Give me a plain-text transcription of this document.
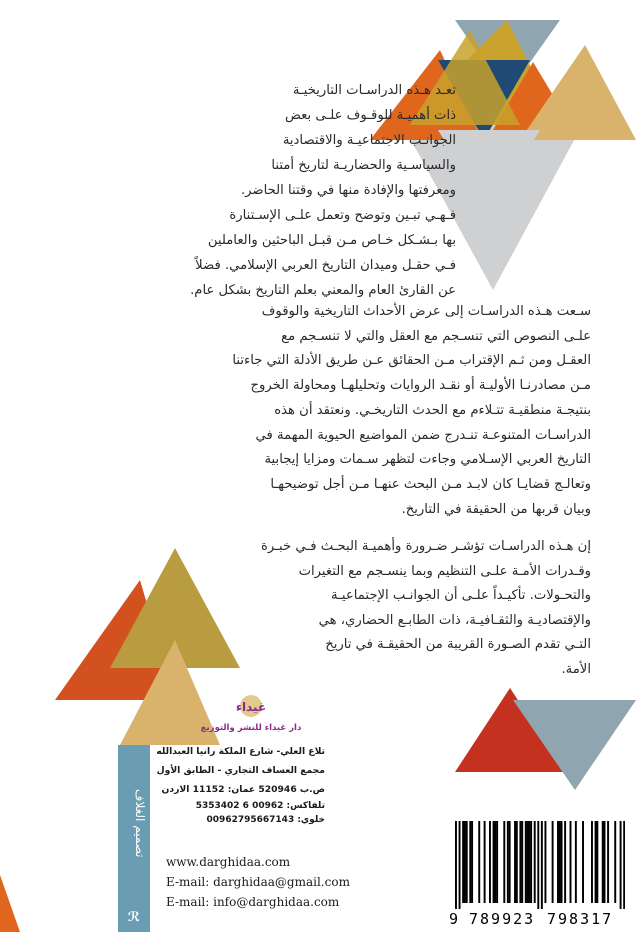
تعـد هـذه الدراسـات التاريخيـة
ذات أهميـة للوقـوف علـى بعض
الجوانـب الاجتماعيـة والاقتصادية
والسياسـية والحضاريـة لتاريخ أمتنا
ومعرفتها والإفادة منها في وقتنا الحاضر.
فـهـي تبـين وتوضح وتعمل علـى الإسـتنارة
بها بـشـكل خـاص مـن قبـل الباحثين والعاملين
فـي حقـل وميدان التاريخ العربي الإسلامي. فضلاً
عن القارئ العام والمعني بعلم التاريخ بشكل عام.
سـعت هـذه الدراسـات إلى عرض الأحداث التاريخية والوقوف
علـى النصوص التي تنسـجم مع العقل والتي لا تنسـجم مع
العقـل ومن ثـم الإقتراب مـن الحقائق عـن طريق الأدلة التي جاءتنا
مـن مصادرنـا الأوليـة أو نقـد الروايات وتحليلهـا ومحاولة الخروج
بنتيجـة منطقيـة تتـلاءم مع الحدث التاريخـي. ونعتقد أن هذه
الدراسـات المتنوعـة تنـدرج ضمن المواضيع الحيوية المهمة في
التاريخ العربي الإسـلامي وجاءت لتظهر سـمات ومزايا إيجابية
وتعالـج قضايـا كان لابـد مـن البحث عنهـا مـن أجل توضيحهـا
وبيان قربها من الحقيقة في التاريخ.
إن هـذه الدراسـات تؤشـر ضـرورة وأهميـة البحـث فـي خبـرة
وقـدرات الأمـة علـى التنظيم وبما ينسـجم مع التغيرات
والتحـولات. تأكيـداً علـى أن الجوانـب الإجتماعيـة
والإقتصاديـة والثقـافيـة، ذات الطابـع الحضاري، هي
التـي تقدم الصـورة القريبة من الحقيقـة في تاريخ
الأمة.
غيداء
دار غيداء للنشر والتوزيع
تلاع العلي- شارع الملكة رانيا العبدالله
مجمع العساف التجاري - الطابق الأول
ص.ب 520946 عمان: 11152 الاردن
تلفاكس: 00962 6 5353402
خلوي: 00962795667143
www.darghidaa.com
E-mail: darghidaa@gmail.com
E-mail: info@darghidaa.com
تصميم الغلاف
ℛ	9 789923 798317
